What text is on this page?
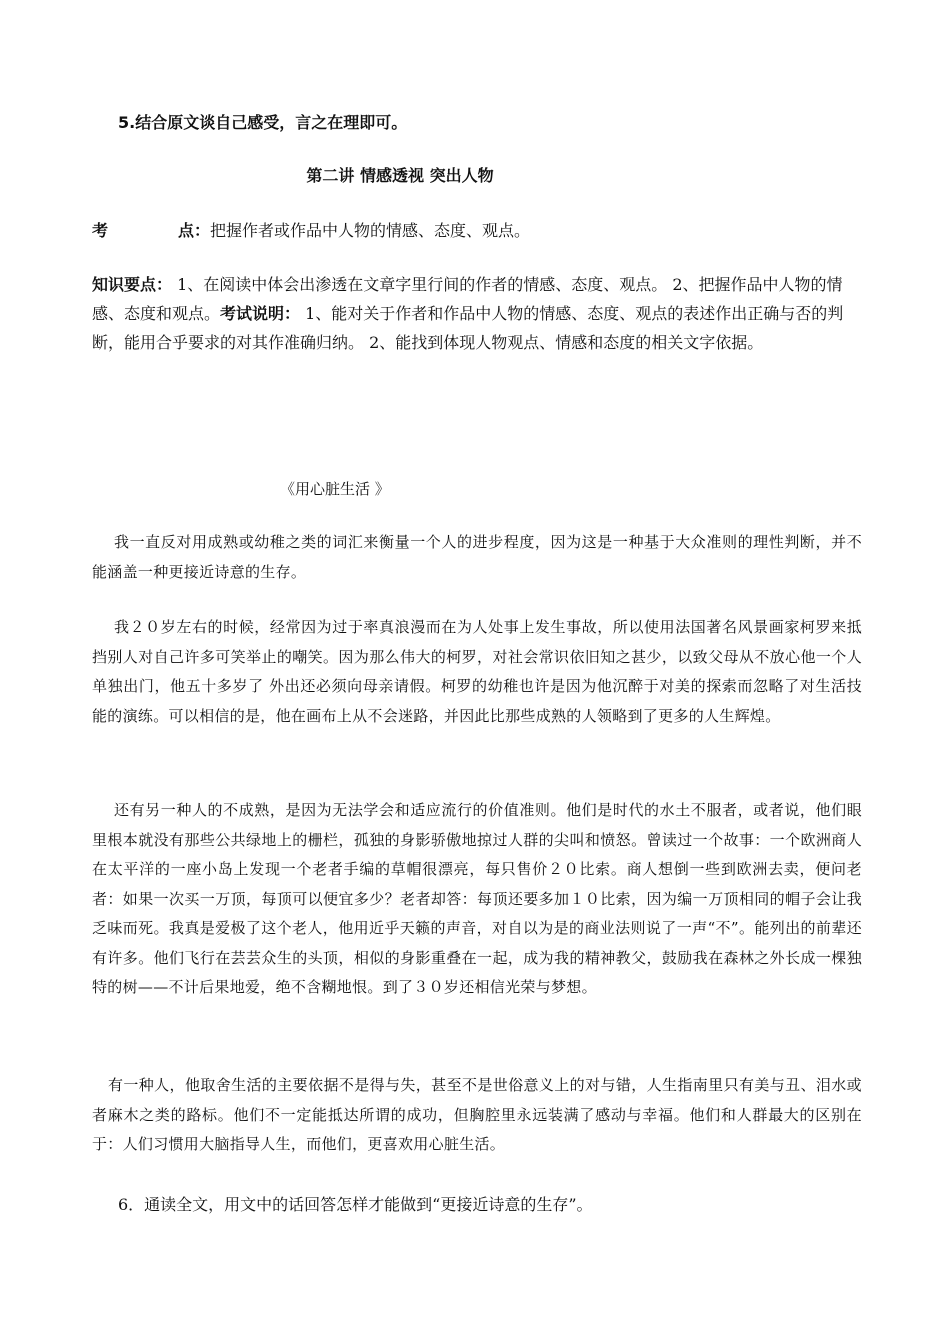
5.结合原文谈自己感受，言之在理即可。
第二讲 情感透视 突出人物
考	点：把握作者或作品中人物的情感、态度、观点。
知识要点： 1、在阅读中体会出渗透在文章字里行间的作者的情感、态度、观点。 2、把握作品中人物的情感、态度和观点。考试说明： 1、能对关于作者和作品中人物的情感、态度、观点的表述作出正确与否的判断，能用合乎要求的对其作准确归纳。 2、能找到体现人物观点、情感和态度的相关文字依据。
《用心脏生活 》
我一直反对用成熟或幼稚之类的词汇来衡量一个人的进步程度，因为这是一种基于大众准则的理性判断，并不能涵盖一种更接近诗意的生存。
我２０岁左右的时候，经常因为过于率真浪漫而在为人处事上发生事故，所以使用法国著名风景画家柯罗来抵挡别人对自己许多可笑举止的嘲笑。因为那么伟大的柯罗，对社会常识依旧知之甚少，以致父母从不放心他一个人单独出门，他五十多岁了 外出还必须向母亲请假。柯罗的幼稚也许是因为他沉醉于对美的探索而忽略了对生活技能的演练。可以相信的是，他在画布上从不会迷路，并因此比那些成熟的人领略到了更多的人生辉煌。
还有另一种人的不成熟，是因为无法学会和适应流行的价值准则。他们是时代的水土不服者，或者说，他们眼里根本就没有那些公共绿地上的栅栏，孤独的身影骄傲地掠过人群的尖叫和愤怒。曾读过一个故事：一个欧洲商人在太平洋的一座小岛上发现一个老者手编的草帽很漂亮，每只售价２０比索。商人想倒一些到欧洲去卖，便问老者：如果一次买一万顶，每顶可以便宜多少？老者却答：每顶还要多加１０比索，因为编一万顶相同的帽子会让我乏味而死。我真是爱极了这个老人，他用近乎天籁的声音，对自以为是的商业法则说了一声“不”。能列出的前辈还有许多。他们飞行在芸芸众生的头顶，相似的身影重叠在一起，成为我的精神教父，鼓励我在森林之外长成一棵独特的树——不计后果地爱，绝不含糊地恨。到了３０岁还相信光荣与梦想。
有一种人，他取舍生活的主要依据不是得与失，甚至不是世俗意义上的对与错，人生指南里只有美与丑、泪水或者麻木之类的路标。他们不一定能抵达所谓的成功，但胸腔里永远装满了感动与幸福。他们和人群最大的区别在于：人们习惯用大脑指导人生，而他们，更喜欢用心脏生活。
6．通读全文，用文中的话回答怎样才能做到“更接近诗意的生存”。
